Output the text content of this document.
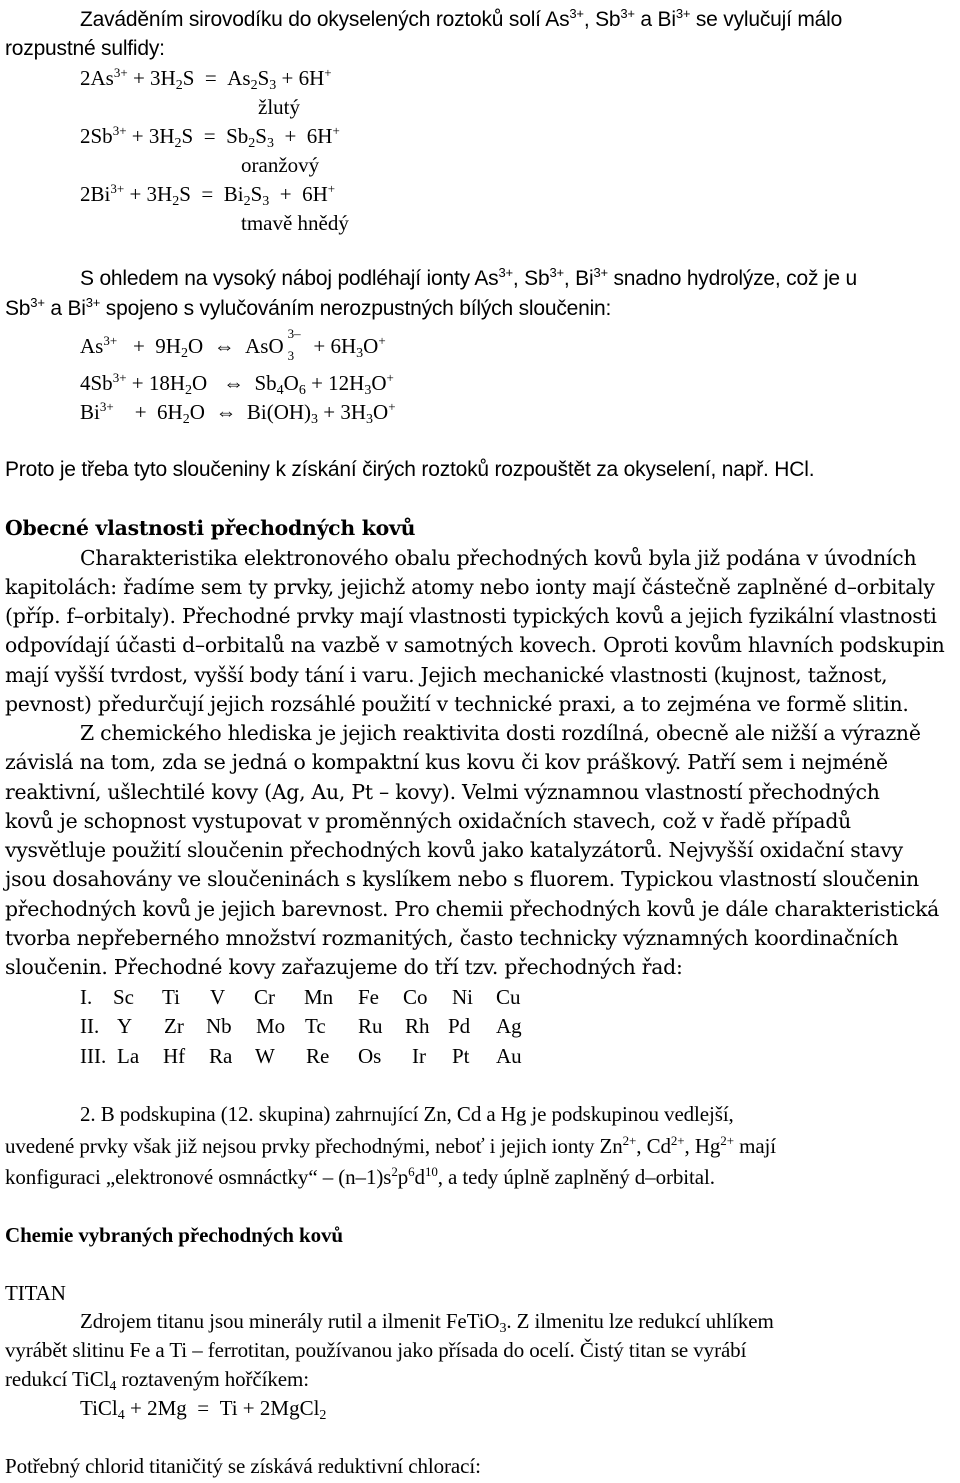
Zaváděním sirovodíku do okyselených roztoků solí $As^{3+}$, $Sb^{3+}$ a $Bi^{3+}$ se vylučují málo
rozpustné sulfidy:
$2As^{3+} + 3H_2S = As_2S_3 + 6H^+$
žlutý
$2Sb^{3+} + 3H_2S = Sb_2S_3 + 6H^+$
oranžový
$2Bi^{3+} + 3H_2S = Bi_2S_3 + 6H^+$
tmavě hnědý
S ohledem na vysoký náboj podléhají ionty $As^{3+}$, $Sb^{3+}$, $Bi^{3+}$ snadno hydrolýze, což je u
$Sb^{3+}$ a $Bi^{3+}$ spojeno s vylučováním nerozpustných bílých sloučenin:
$As^{3+} + 9H_2O$  ⇔  AsO
3–
$3 + 6H_3O^+$
$4Sb^{3+} + 18H_2O$   ⇔  $Sb_4O_6 + 12H_3O^+$
$Bi^{3+}$    +  $6H_2O$  ⇔  $Bi(OH)_3 + 3H_3O^+$
Proto je třeba tyto sloučeniny k získání čirých roztoků rozpouštět za okyselení, např. HCl.
Obecné vlastnosti přechodných kovů
Charakteristika elektronového obalu přechodných kovů byla již podána v úvodních
kapitolách: řadíme sem ty prvky, jejichž atomy nebo ionty mají částečně zaplněné d–orbitaly
(příp. f–orbitaly). Přechodné prvky mají vlastnosti typických kovů a jejich fyzikální vlastnosti
odpovídají účasti d–orbitalů na vazbě v samotných kovech. Oproti kovům hlavních podskupin
mají vyšší tvrdost, vyšší body tání i varu. Jejich mechanické vlastnosti (kujnost, tažnost,
pevnost) předurčují jejich rozsáhlé použití v technické praxi, a to zejména ve formě slitin.
Z chemického hlediska je jejich reaktivita dosti rozdílná, obecně ale nižší a výrazně
závislá na tom, zda se jedná o kompaktní kus kovu či kov práškový. Patří sem i nejméně
reaktivní, ušlechtilé kovy (Ag, Au, Pt – kovy). Velmi významnou vlastností přechodných
kovů je schopnost vystupovat v proměnných oxidačních stavech, což v řadě případů
vysvětluje použití sloučenin přechodných kovů jako katalyzátorů. Nejvyšší oxidační stavy
jsou dosahovány ve sloučeninách s kyslíkem nebo s fluorem. Typickou vlastností sloučenin
přechodných kovů je jejich barevnost. Pro chemii přechodných kovů je dále charakteristická
tvorba nepřeberného množství rozmanitých, často technicky významných koordinačních
sloučenin. Přechodné kovy zařazujeme do tří tzv. přechodných řad:
I. Sc Ti V Cr Mn Fe Co Ni Cu
II. Y Zr Nb Mo Tc Ru Rh Pd Ag
III. La Hf Ra W Re Os Ir Pt Au
2. B podskupina (12. skupina) zahrnující Zn, Cd a Hg je podskupinou vedlejší,
uvedené prvky však již nejsou prvky přechodnými, neboť i jejich ionty $Zn^{2+}$, $Cd^{2+}$, $Hg^{2+}$ mají
konfiguraci „elektronové osmnáctky“ – $(n-1)s^2p^6d^{10}$, a tedy úplně zaplněný d–orbital.
Chemie vybraných přechodných kovů
TITAN
Zdrojem titanu jsou minerály rutil a ilmenit FeTiO$_3$. Z ilmenitu lze redukcí uhlíkem
vyrábět slitinu Fe a Ti – ferrotitan, používanou jako přísada do ocelí. Čistý titan se vyrábí
redukcí TiCl$_4$ roztaveným hořčíkem:
TiCl$_4$ + 2Mg  =  Ti + 2MgCl$_2$
Potřebný chlorid titaničitý se získává reduktivní chlorací:
